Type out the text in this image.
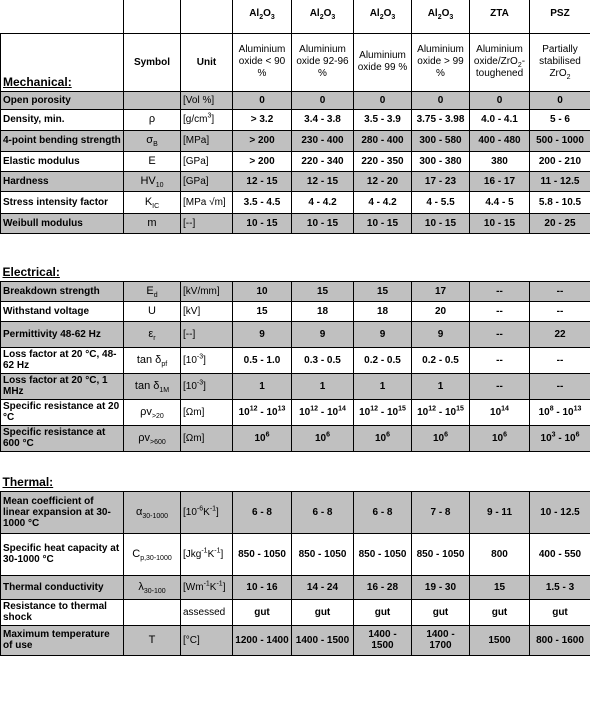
			$Al_2O_3$	$Al_2O_3$	$Al_2O_3$	$Al_2O_3$	ZTA	PSZ
Mechanical:	Symbol	Unit	Aluminium oxide < 90 %	Aluminium oxide 92-96 %	Aluminium oxide 99 %	Aluminium oxide > 99 %	Aluminium oxide/ZrO$_2$-toughened	Partially stabilised ZrO$_2$
Open porosity		[Vol %]	0	0	0	0	0	0
Density, min.	ρ	$[g/cm^3]$	> 3.2	3.4 - 3.8	3.5 - 3.9	3.75 - 3.98	4.0 - 4.1	5 - 6
4-point bending strength	$\sigma_B$	[MPa]	> 200	230 - 400	280 - 400	300 - 580	400 - 480	500 - 1000
Elastic modulus	E	[GPa]	> 200	220 - 340	220 - 350	300 - 380	380	200 - 210
Hardness	$HV_{10}$	[GPa]	12 - 15	12 - 15	12 - 20	17 - 23	16 - 17	11 - 12.5
Stress intensity factor	$K_{IC}$	[MPa √m]	3.5 - 4.5	4 - 4.2	4 - 4.2	4 - 5.5	4.4 - 5	5.8 - 10.5
Weibull modulus	m	[--]	10 - 15	10 - 15	10 - 15	10 - 15	10 - 15	20 - 25

Electrical:								
Breakdown strength	$E_d$	[kV/mm]	10	15	15	17	--	--
Withstand voltage	U	[kV]	15	18	18	20	--	--
Permittivity 48-62 Hz	$\varepsilon_r$	[--]	9	9	9	9	--	22
Loss factor at 20 °C, 48-62 Hz	$\tan \delta_{pf}$	$[10^{-3}]$	0.5 - 1.0	0.3 - 0.5	0.2 - 0.5	0.2 - 0.5	--	--
Loss factor at 20 °C, 1 MHz	$\tan \delta_{1M}$	$[10^{-3}]$	1	1	1	1	--	--
Specific resistance at 20 °C	$\rho v_{>20}$	[Ωm]	$10^{12} - 10^{13}$	$10^{12} - 10^{14}$	$10^{12} - 10^{15}$	$10^{12} - 10^{15}$	$10^{14}$	$10^8 - 10^{13}$
Specific resistance at 600 °C	$\rho v_{>600}$	[Ωm]	$10^6$	$10^6$	$10^6$	$10^6$	$10^6$	$10^3 - 10^6$

Thermal:								
Mean coefficient of linear expansion at 30-1000 °C	$\alpha_{30-1000}$	$[10^{-6}K^{-1}]$	6 - 8	6 - 8	6 - 8	7 - 8	9 - 11	10 - 12.5
Specific heat capacity at 30-1000 °C	$C_{p,30-1000}$	$[Jkg^{-1}K^{-1}]$	850 - 1050	850 - 1050	850 - 1050	850 - 1050	800	400 - 550
Thermal conductivity	$\lambda_{30-100}$	$[Wm^{-1}K^{-1}]$	10 - 16	14 - 24	16 - 28	19 - 30	15	1.5 - 3
Resistance to thermal shock		assessed	gut	gut	gut	gut	gut	gut
Maximum temperature of use	T	[°C]	1200 - 1400	1400 - 1500	1400 - 1500	1400 - 1700	1500	800 - 1600
